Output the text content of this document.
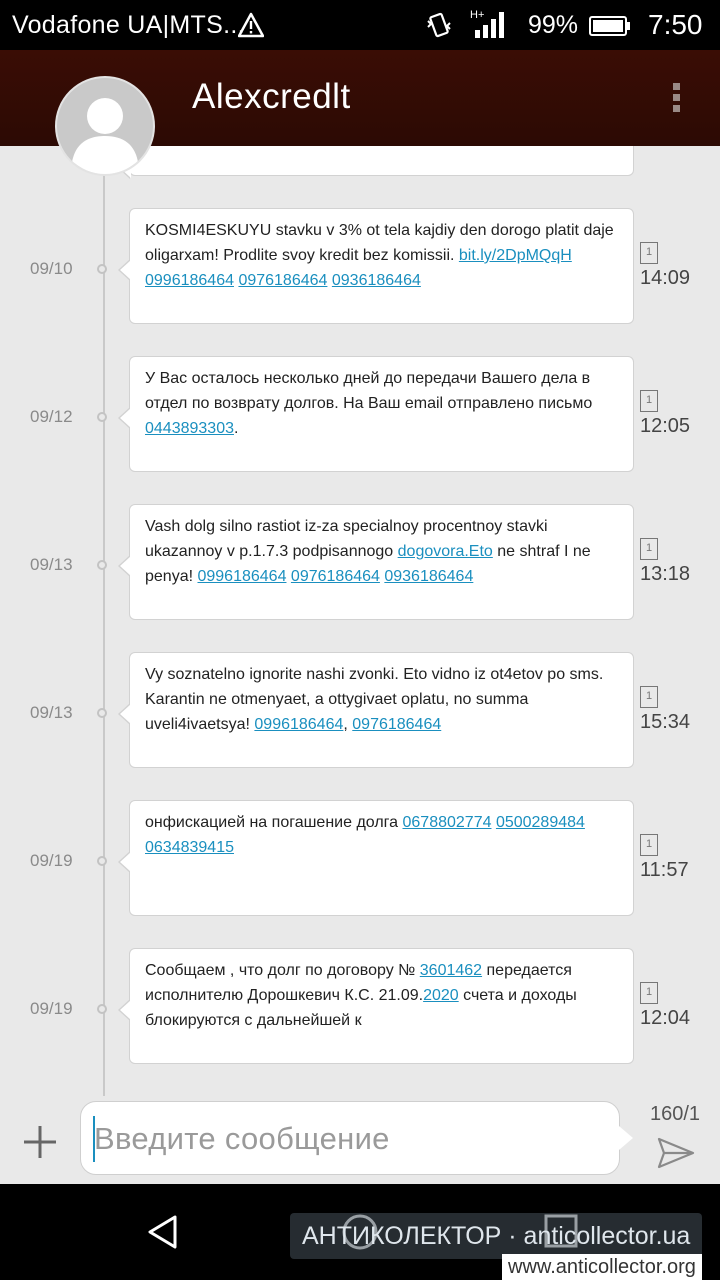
Vodafone UA|MTS...	H+ 99% 7:50
Alexcredlt
KOSMI4ESKUYU stavku v 3% ot tela kajdiy den dorogo platit daje oligarxam! Prodlite svoy kredit bez komissii. bit.ly/2DpMQqH 0996186464 0976186464 0936186464
09/10
1
14:09
У Вас осталось несколько дней до передачи Вашего дела в отдел по возврату долгов. На Ваш email отправлено письмо 0443893303.
09/12
1
12:05
Vash dolg silno rastiot iz-za specialnoy procentnoy stavki ukazannoy v p.1.7.3 podpisannogo dogovora.Eto ne shtraf I ne penya! 0996186464 0976186464 0936186464
09/13
1
13:18
Vy soznatelno ignorite nashi zvonki. Eto vidno iz ot4etov po sms. Karantin ne otmenyaet, a ottygivaet oplatu, no summa uveli4ivaetsya! 0996186464, 0976186464
09/13
1
15:34
онфискацией на погашение долга 0678802774 0500289484 0634839415
09/19
1
11:57
Сообщаем , что долг по договору № 3601462 передается исполнителю Дорошкевич К.С. 21.09.2020 счета и доходы блокируются с дальнейшей к
09/19
1
12:04
Введите сообщение
160/1
АНТИКОЛЕКТОР · anticollector.ua
www.anticollector.org
